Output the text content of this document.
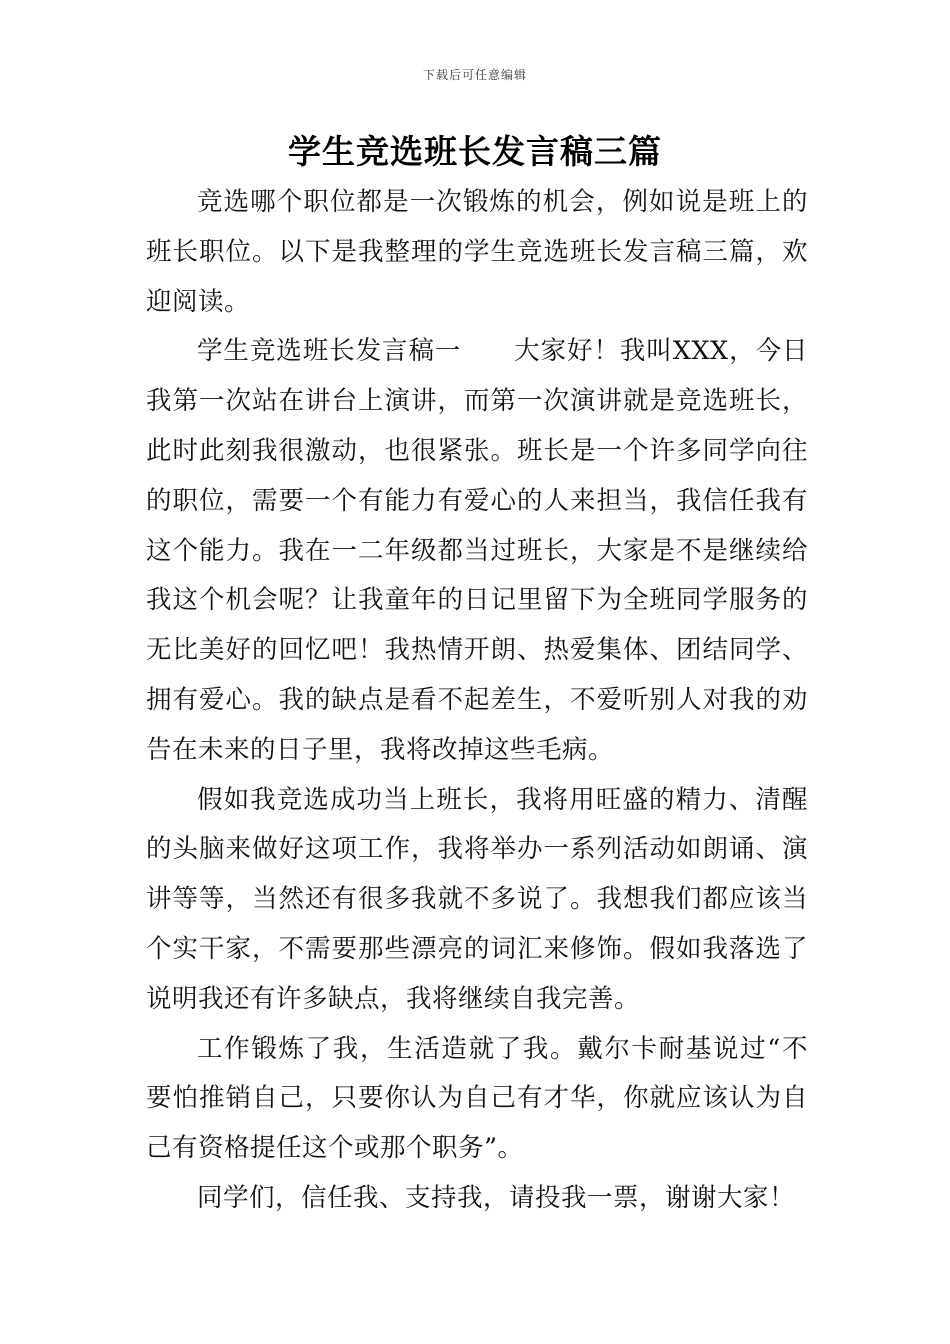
下载后可任意编辑
学生竞选班长发言稿三篇

竞选哪个职位都是一次锻炼的机会，例如说是班上的班长职位。以下是我整理的学生竞选班长发言稿三篇，欢迎阅读。

学生竞选班长发言稿一　　大家好！我叫XXX，今日我第一次站在讲台上演讲，而第一次演讲就是竞选班长，此时此刻我很激动，也很紧张。班长是一个许多同学向往的职位，需要一个有能力有爱心的人来担当，我信任我有这个能力。我在一二年级都当过班长，大家是不是继续给我这个机会呢？让我童年的日记里留下为全班同学服务的无比美好的回忆吧！我热情开朗、热爱集体、团结同学、拥有爱心。我的缺点是看不起差生，不爱听别人对我的劝告在未来的日子里，我将改掉这些毛病。

假如我竞选成功当上班长，我将用旺盛的精力、清醒的头脑来做好这项工作，我将举办一系列活动如朗诵、演讲等等，当然还有很多我就不多说了。我想我们都应该当个实干家，不需要那些漂亮的词汇来修饰。假如我落选了说明我还有许多缺点，我将继续自我完善。

工作锻炼了我，生活造就了我。戴尔卡耐基说过“不要怕推销自己，只要你认为自己有才华，你就应该认为自己有资格提任这个或那个职务”。

同学们，信任我、支持我，请投我一票，谢谢大家！
